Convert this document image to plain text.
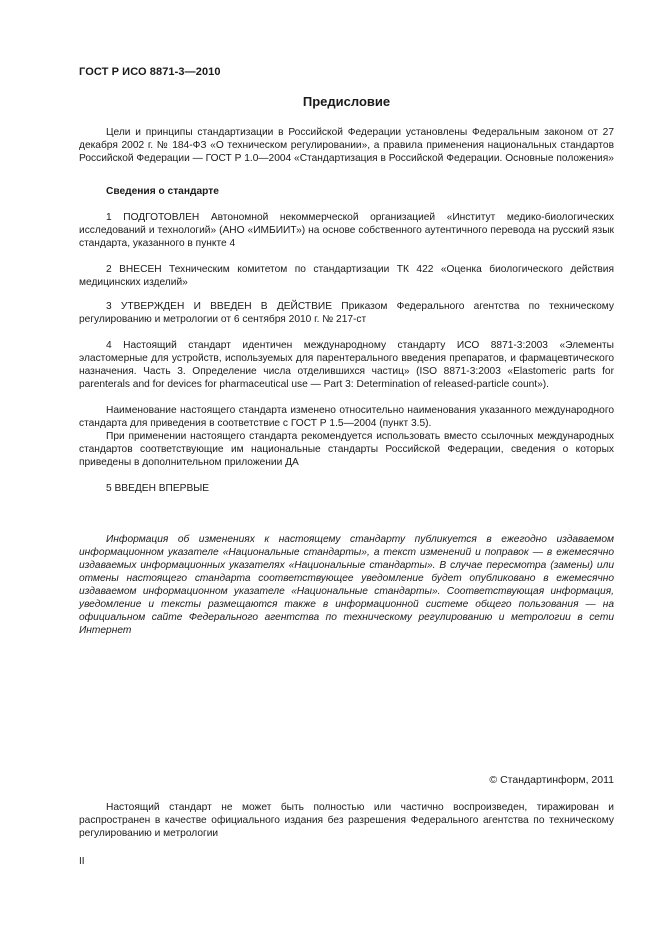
ГОСТ Р ИСО 8871-3—2010
Предисловие
Цели и принципы стандартизации в Российской Федерации установлены Федеральным законом от 27 декабря 2002 г. № 184-ФЗ «О техническом регулировании», а правила применения национальных стандартов Российской Федерации — ГОСТ Р 1.0—2004 «Стандартизация в Российской Федерации. Основные положения»
Сведения о стандарте
1 ПОДГОТОВЛЕН Автономной некоммерческой организацией «Институт медико-биологических исследований и технологий» (АНО «ИМБИИТ») на основе собственного аутентичного перевода на русский язык стандарта, указанного в пункте 4
2 ВНЕСЕН Техническим комитетом по стандартизации ТК 422 «Оценка биологического действия медицинских изделий»
3 УТВЕРЖДЕН И ВВЕДЕН В ДЕЙСТВИЕ Приказом Федерального агентства по техническому регулированию и метрологии от 6 сентября 2010 г. № 217-ст
4 Настоящий стандарт идентичен международному стандарту ИСО 8871-3:2003 «Элементы эластомерные для устройств, используемых для парентерального введения препаратов, и фармацевтического назначения. Часть 3. Определение числа отделившихся частиц» (ISO 8871-3:2003 «Elastomeric parts for parenterals and for devices for pharmaceutical use — Part 3: Determination of released-particle count»).
Наименование настоящего стандарта изменено относительно наименования указанного международного стандарта для приведения в соответствие с ГОСТ Р 1.5—2004 (пункт 3.5).
При применении настоящего стандарта рекомендуется использовать вместо ссылочных международных стандартов соответствующие им национальные стандарты Российской Федерации, сведения о которых приведены в дополнительном приложении ДА
5 ВВЕДЕН ВПЕРВЫЕ
Информация об изменениях к настоящему стандарту публикуется в ежегодно издаваемом информационном указателе «Национальные стандарты», а текст изменений и поправок — в ежемесячно издаваемых информационных указателях «Национальные стандарты». В случае пересмотра (замены) или отмены настоящего стандарта соответствующее уведомление будет опубликовано в ежемесячно издаваемом информационном указателе «Национальные стандарты». Соответствующая информация, уведомление и тексты размещаются также в информационной системе общего пользования — на официальном сайте Федерального агентства по техническому регулированию и метрологии в сети Интернет
© Стандартинформ, 2011
Настоящий стандарт не может быть полностью или частично воспроизведен, тиражирован и распространен в качестве официального издания без разрешения Федерального агентства по техническому регулированию и метрологии
II
